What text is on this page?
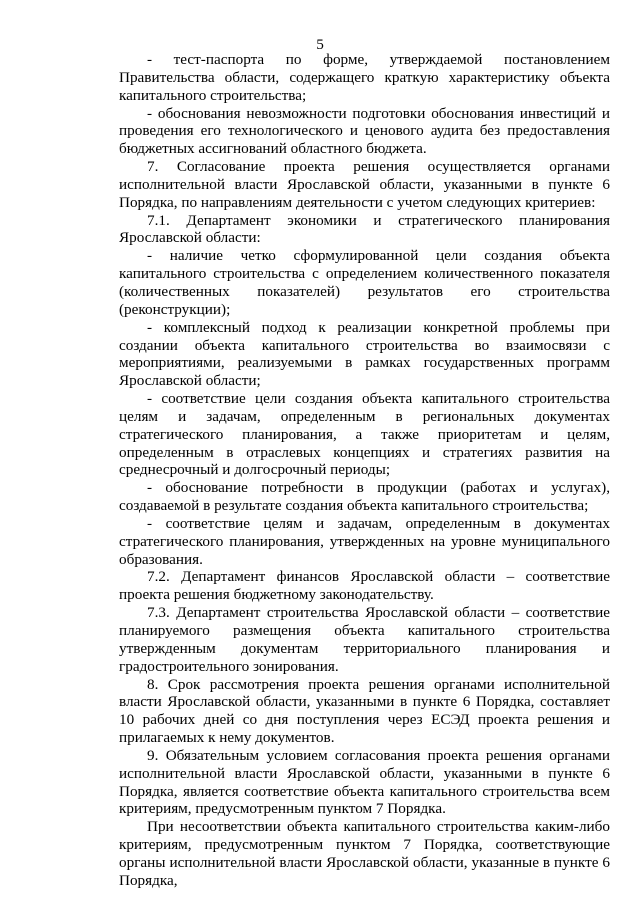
5

- тест-паспорта по форме, утверждаемой постановлением Правительства области, содержащего краткую характеристику объекта капитального строительства;

- обоснования невозможности подготовки обоснования инвестиций и проведения его технологического и ценового аудита без предоставления бюджетных ассигнований областного бюджета.

7. Согласование проекта решения осуществляется органами исполнительной власти Ярославской области, указанными в пункте 6 Порядка, по направлениям деятельности с учетом следующих критериев:

7.1. Департамент экономики и стратегического планирования Ярославской области:

- наличие четко сформулированной цели создания объекта капитального строительства с определением количественного показателя (количественных показателей) результатов его строительства (реконструкции);

- комплексный подход к реализации конкретной проблемы при создании объекта капитального строительства во взаимосвязи с мероприятиями, реализуемыми в рамках государственных программ Ярославской области;

- соответствие цели создания объекта капитального строительства целям и задачам, определенным в региональных документах стратегического планирования, а также приоритетам и целям, определенным в отраслевых концепциях и стратегиях развития на среднесрочный и долгосрочный периоды;

- обоснование потребности в продукции (работах и услугах), создаваемой в результате создания объекта капитального строительства;

- соответствие целям и задачам, определенным в документах стратегического планирования, утвержденных на уровне муниципального образования.

7.2. Департамент финансов Ярославской области – соответствие проекта решения бюджетному законодательству.

7.3. Департамент строительства Ярославской области – соответствие планируемого размещения объекта капитального строительства утвержденным документам территориального планирования и градостроительного зонирования.

8. Срок рассмотрения проекта решения органами исполнительной власти Ярославской области, указанными в пункте 6 Порядка, составляет 10 рабочих дней со дня поступления через ЕСЭД проекта решения и прилагаемых к нему документов.

9. Обязательным условием согласования проекта решения органами исполнительной власти Ярославской области, указанными в пункте 6 Порядка, является соответствие объекта капитального строительства всем критериям, предусмотренным пунктом 7 Порядка.

При несоответствии объекта капитального строительства каким-либо критериям, предусмотренным пунктом 7 Порядка, соответствующие органы исполнительной власти Ярославской области, указанные в пункте 6 Порядка,
